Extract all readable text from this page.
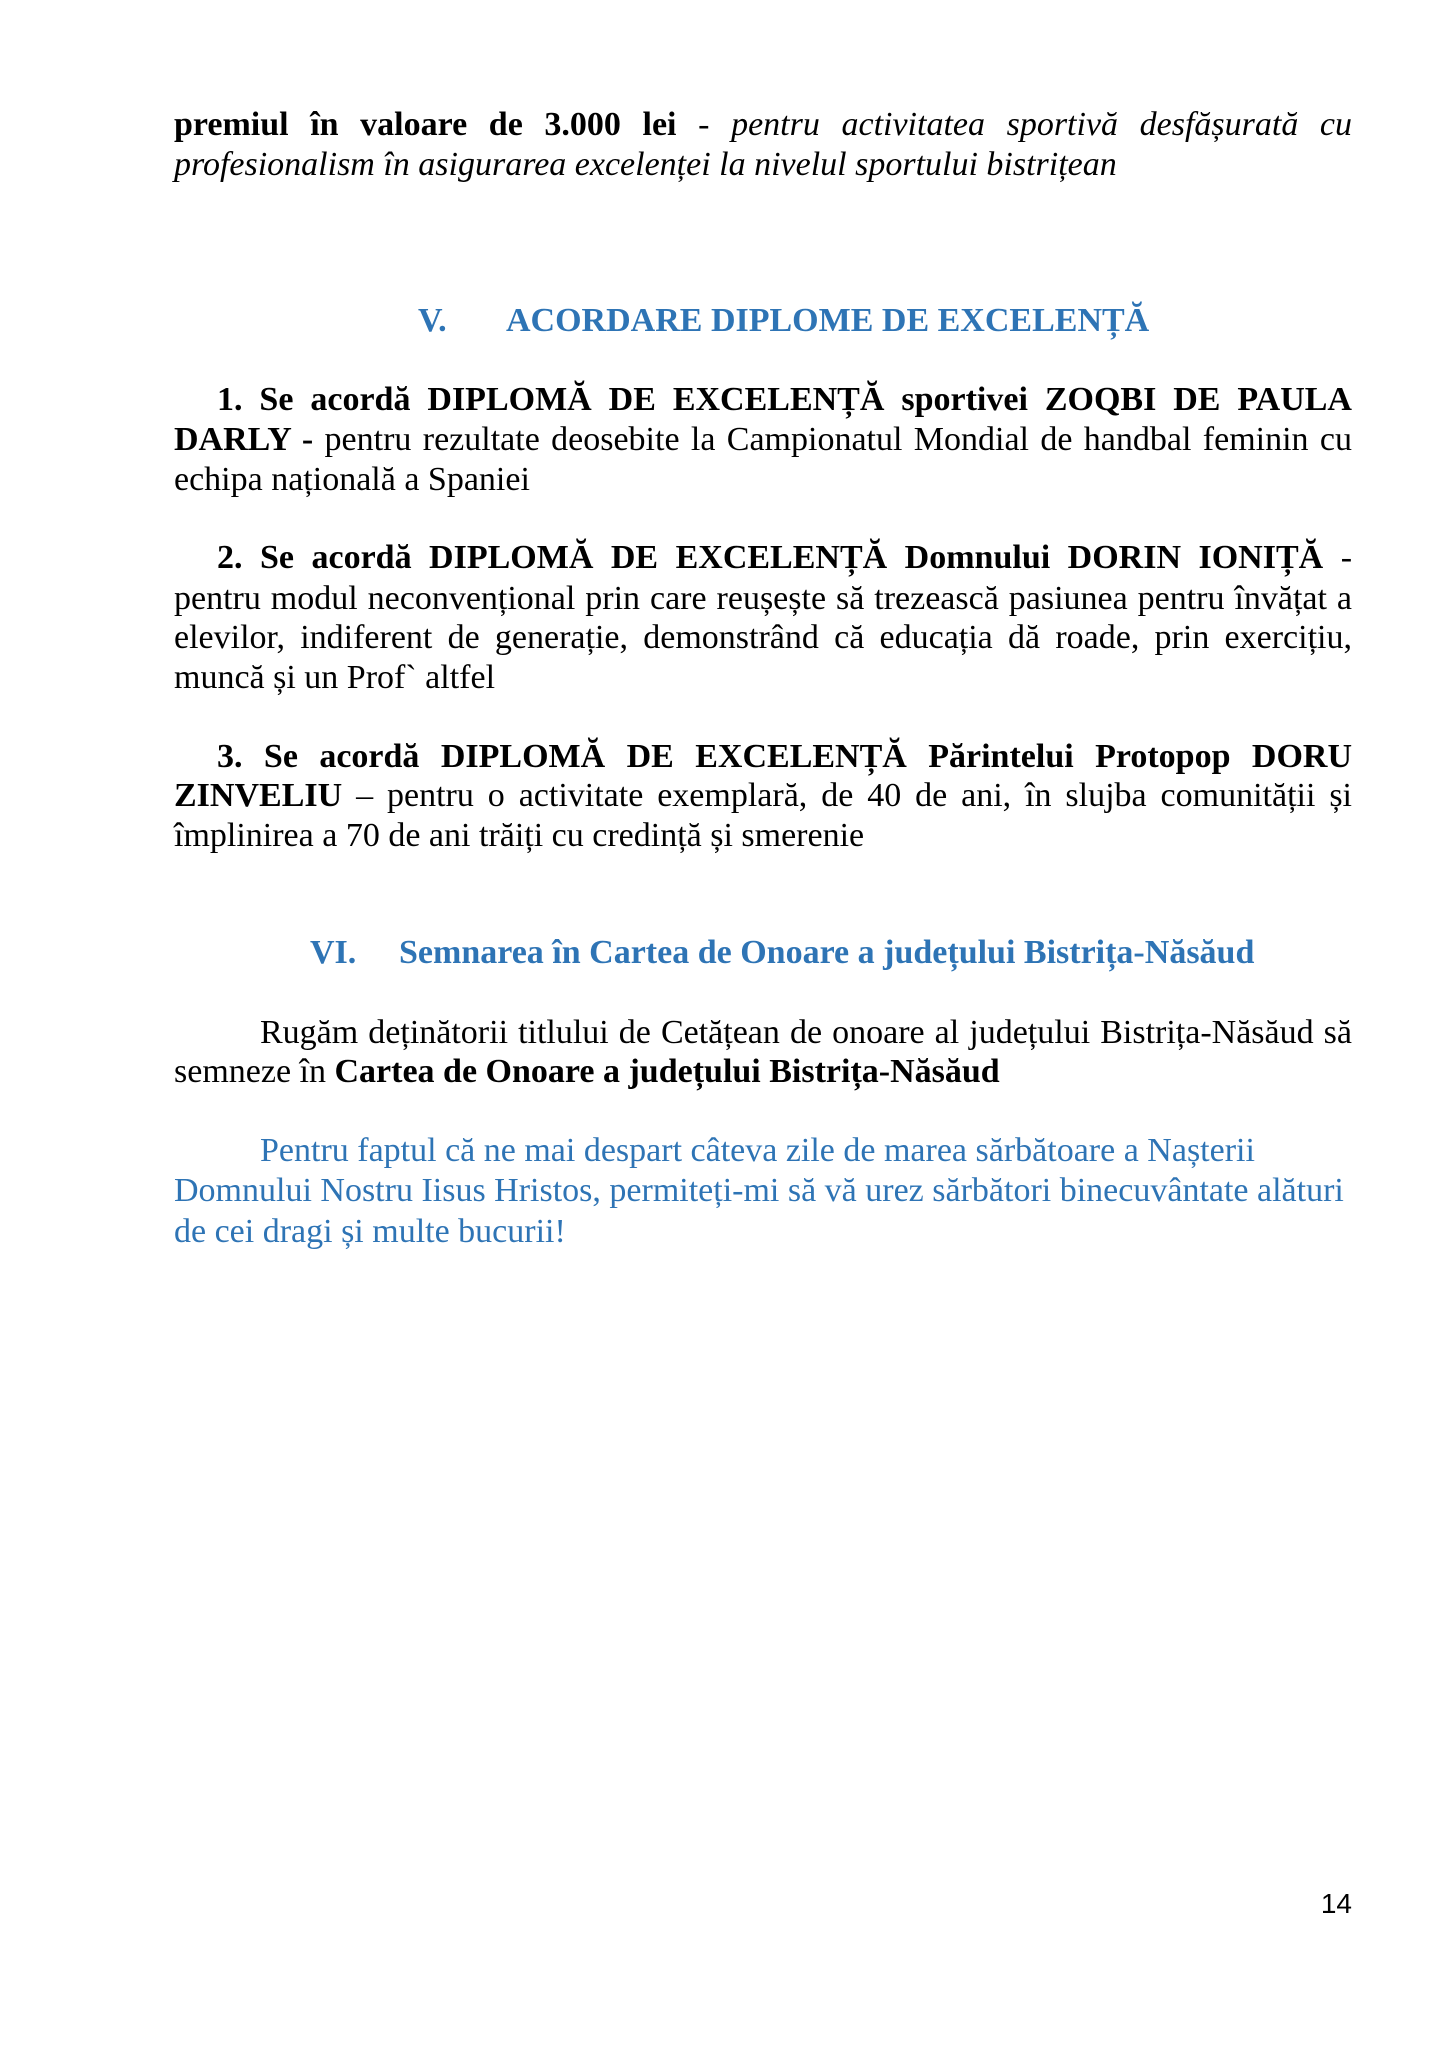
premiul în valoare de 3.000 lei - pentru activitatea sportivă desfășurată cu
profesionalism în asigurarea excelenței la nivelul sportului bistrițean
V. ACORDARE DIPLOME DE EXCELENȚĂ
1. Se acordă DIPLOMĂ DE EXCELENȚĂ sportivei ZOQBI DE PAULA
DARLY - pentru rezultate deosebite la Campionatul Mondial de handbal feminin cu
echipa națională a Spaniei
2. Se acordă DIPLOMĂ DE EXCELENȚĂ Domnului DORIN IONIȚĂ -
pentru modul neconvențional prin care reușește să trezească pasiunea pentru învățat a
elevilor, indiferent de generație, demonstrând că educația dă roade, prin exercițiu,
muncă și un Prof` altfel
3. Se acordă DIPLOMĂ DE EXCELENȚĂ Părintelui Protopop DORU
ZINVELIU – pentru o activitate exemplară, de 40 de ani, în slujba comunității și
împlinirea a 70 de ani trăiți cu credință și smerenie
VI. Semnarea în Cartea de Onoare a județului Bistrița-Năsăud
Rugăm deținătorii titlului de Cetățean de onoare al județului Bistrița-Năsăud să
semneze în Cartea de Onoare a județului Bistrița-Năsăud
Pentru faptul că ne mai despart câteva zile de marea sărbătoare a Nașterii
Domnului Nostru Iisus Hristos, permiteți-mi să vă urez sărbători binecuvântate alături
de cei dragi și multe bucurii!
14
